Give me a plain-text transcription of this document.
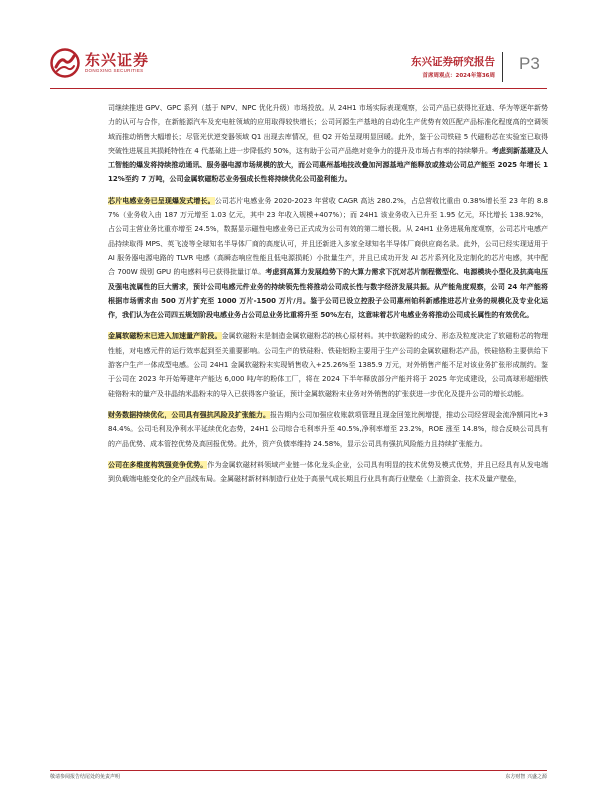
东兴证券
DONGXING SECURITIES
东兴证券研究报告
首席周观点：2024年第36周
P3

司继续推进 GPV、GPC 系列（基于 NPV、NPC 优化升级）市场投放。从 24H1 市场实际表现观察，公司产品已获得比亚迪、华为等逐年新势力的认可与合作，在新能源汽车及充电桩领域的应用取得较快增长；公司河源生产基地的自动化生产优势有效匹配产品标准化程度高的空调领域而推动销售大幅增长；尽管光伏逆变器领域 Q1 出现去库情况，但 Q2 开始呈现明显回暖。此外，鉴于公司铁硅 5 代磁粉芯在实验室已取得突破性进展且其损耗特性在 4 代基础上进一步降低约 50%，这有助于公司产品绝对竞争力的提升及市场占有率的持续攀升。考虑到新基建及人工智能的爆发将持续推动通讯、服务器电源市场规模的放大，而公司惠州基地技改叠加河源基地产能释放或推动公司总产能至 2025 年增长 112%至约 7 万吨，公司金属软磁粉芯业务强成长性将持续优化公司盈利能力。

芯片电感业务已呈现爆发式增长。公司芯片电感业务 2020-2023 年营收 CAGR 高达 280.2%，占总营收比重由 0.38%增长至 23 年的 8.87%（业务收入由 187 万元增至 1.03 亿元，其中 23 年收入规模+407%）；而 24H1 该业务收入已升至 1.95 亿元，环比增长 138.92%，占公司主营业务比重亦增至 24.5%，数据显示磁性电感业务已正式成为公司有效的第二增长极。从 24H1 业务进展角度观察，公司芯片电感产品持续取得 MPS、英飞凌等全球知名半导体厂商的高度认可，并且还新进入多家全球知名半导体厂商供应商名录。此外，公司已经实现适用于 AI 服务器电源电路的 TLVR 电感（高瞬态响应性能且低电源损耗）小批量生产，并且已成功开发 AI 芯片系列化及定制化的芯片电感，其中配合 700W 级别 GPU 的电感料号已获得批量订单。考虑到高算力发展趋势下的大算力需求下沉对芯片制程微型化、电源模块小型化及抗高电压及强电流属性的巨大需求，预计公司电感元件业务的持续领先性将推动公司成长性与数字经济发展共振。从产能角度观察，公司 24 年产能将根据市场需求由 500 万片扩充至 1000 万片-1500 万片/月。鉴于公司已设立控股子公司惠州铂科新感推进芯片业务的规模化及专业化运作，我们认为在公司四五规划阶段电感业务占公司总业务比重将升至 50%左右，这意味着芯片电感业务将推动公司成长属性的有效优化。

金属软磁粉末已进入加速量产阶段。金属软磁粉末是制造金属软磁粉芯的核心原材料。其中软磁粉的成分、形态及粒度决定了软磁粉芯的物理性能，对电感元件的运行效率起到至关重要影响。公司生产的铁硅粉、铁硅铝粉主要用于生产公司的金属软磁粉芯产品，铁硅铬粉主要供给下游客户生产一体成型电感。公司 24H1 金属软磁粉末实现销售收入+25.26%至 1385.9 万元，对外销售产能不足对该业务扩张形成制约。鉴于公司在 2023 年开始筹建年产能达 6,000 吨/年的粉体工厂，将在 2024 下半年释放部分产能并将于 2025 年完成建设，公司高球形超细铁硅铬粉末的量产及非晶纳米晶粉末的导入已获得客户验证，预计金属软磁粉末业务对外销售的扩张获进一步优化及提升公司的增长动能。

财务数据持续优化，公司具有强抗风险及扩张能力。报告期内公司加强应收账款项管理且现金回笼比例增提，推动公司经营现金流净额同比+384.4%。公司毛利及净利水平延续优化态势，24H1 公司综合毛利率升至 40.5%,净利率增至 23.2%，ROE 涨至 14.8%，综合反映公司具有的产品优势、成本管控优势及高回报优势。此外，资产负债率维持 24.58%，显示公司具有强抗风险能力且持续扩张能力。

公司在多维度构筑强竞争优势。作为金属软磁材料领域产业链一体化龙头企业，公司具有明显的技术优势及模式优势，并且已经具有从发电端到负载端电能变化的全产品线布局。金属磁材新材料制造行业处于高景气成长期且行业具有高行业壁垒（上游资金、技术及量产壁垒，

敬请参阅报告结尾处的免责声明	东方财智 兴盛之源
